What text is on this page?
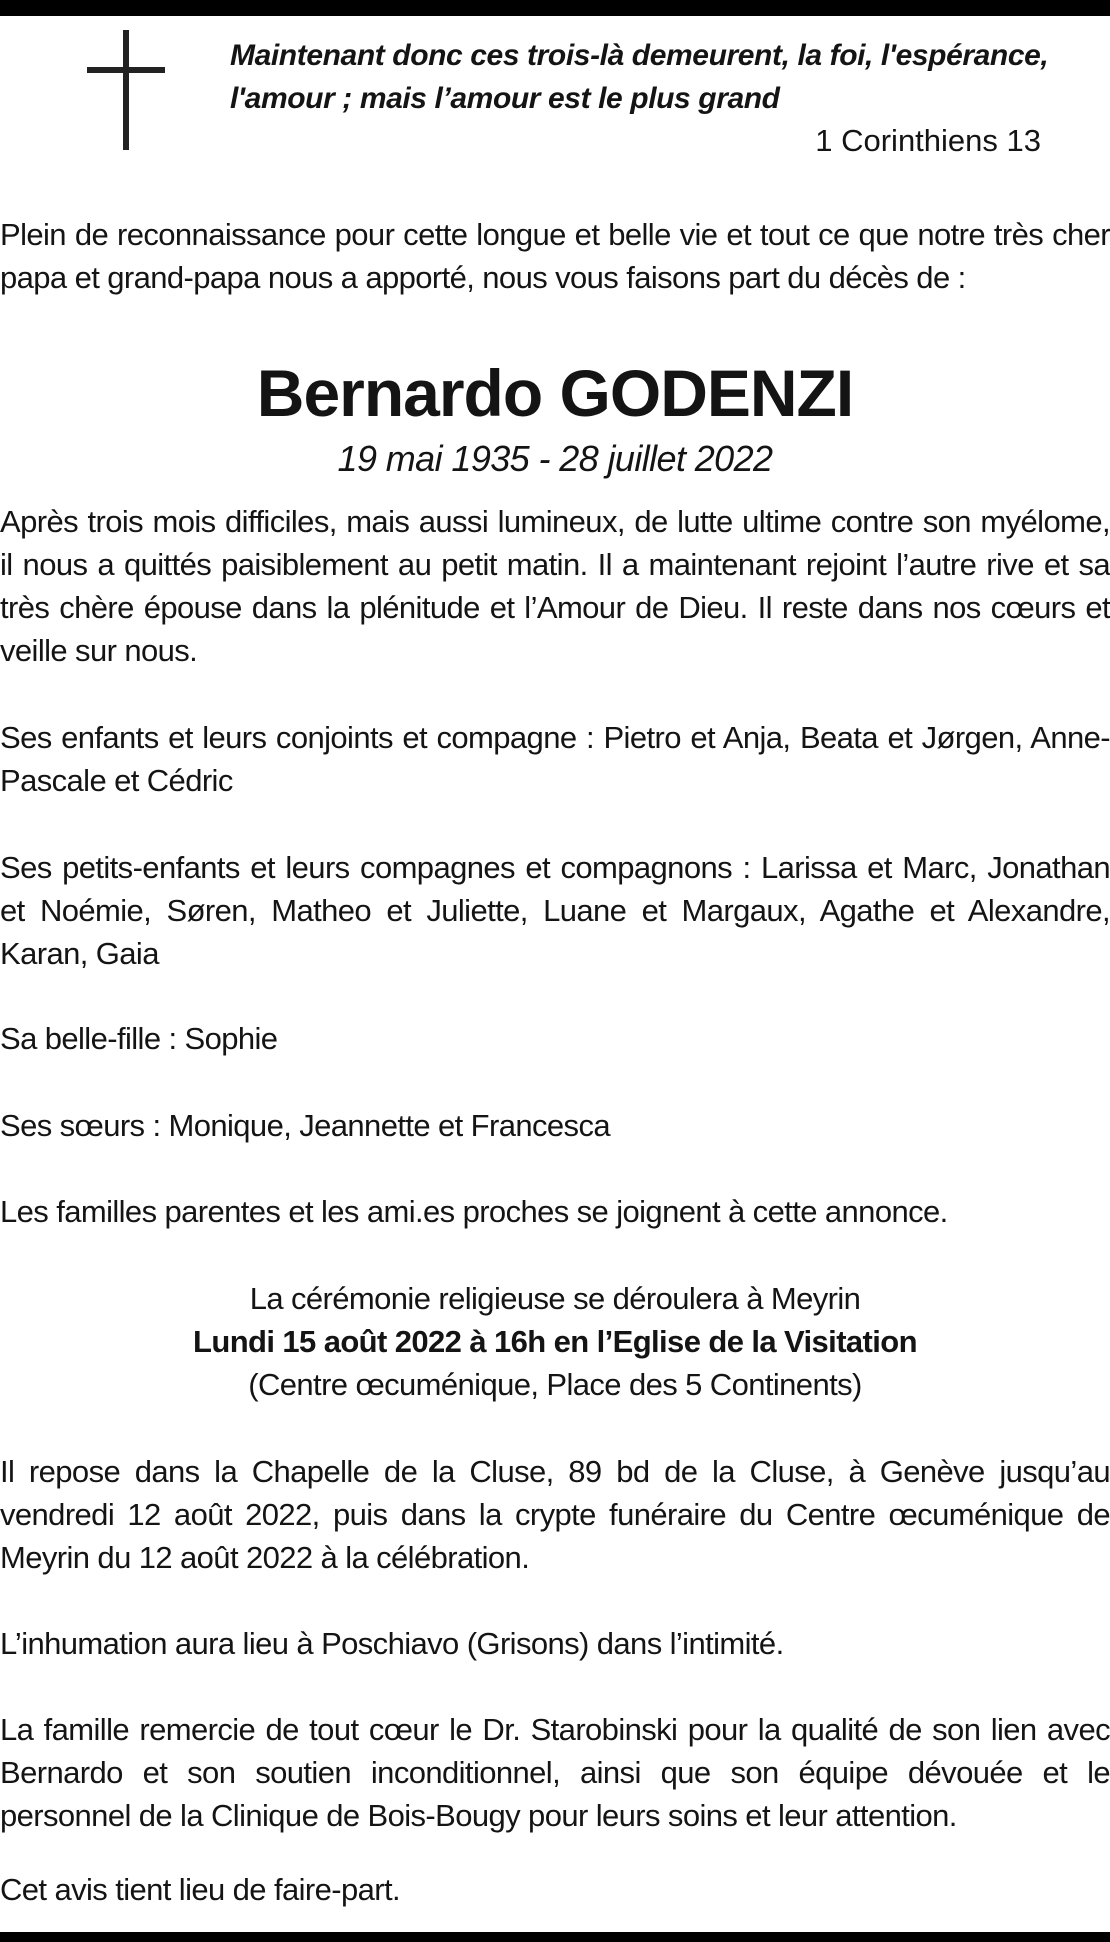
Maintenant donc ces trois-là demeurent, la foi, l'espérance,
l'amour ; mais l’amour est le plus grand
1 Corinthiens 13

Plein de reconnaissance pour cette longue et belle vie et tout ce que notre très cher papa et grand-papa nous a apporté, nous vous faisons part du décès de :

Bernardo GODENZI
19 mai 1935 - 28 juillet 2022

Après trois mois difficiles, mais aussi lumineux, de lutte ultime contre son myélome, il nous a quittés paisiblement au petit matin. Il a maintenant rejoint l’autre rive et sa très chère épouse dans la plénitude et l’Amour de Dieu. Il reste dans nos cœurs et veille sur nous.

Ses enfants et leurs conjoints et compagne : Pietro et Anja, Beata et Jørgen, Anne-Pascale et Cédric

Ses petits-enfants et leurs compagnes et compagnons : Larissa et Marc, Jonathan et Noémie, Søren, Matheo et Juliette, Luane et Margaux, Agathe et Alexandre, Karan, Gaia

Sa belle-fille : Sophie

Ses sœurs : Monique, Jeannette et Francesca

Les familles parentes et les ami.es proches se joignent à cette annonce.

La cérémonie religieuse se déroulera à Meyrin
Lundi 15 août 2022 à 16h en l’Eglise de la Visitation
(Centre œcuménique, Place des 5 Continents)

Il repose dans la Chapelle de la Cluse, 89 bd de la Cluse, à Genève jusqu’au vendredi 12 août 2022, puis dans la crypte funéraire du Centre œcuménique de Meyrin du 12 août 2022 à la célébration.

L’inhumation aura lieu à Poschiavo (Grisons) dans l’intimité.

La famille remercie de tout cœur le Dr. Starobinski pour la qualité de son lien avec Bernardo et son soutien inconditionnel, ainsi que son équipe dévouée et le personnel de la Clinique de Bois-Bougy pour leurs soins et leur attention.

Cet avis tient lieu de faire-part.
